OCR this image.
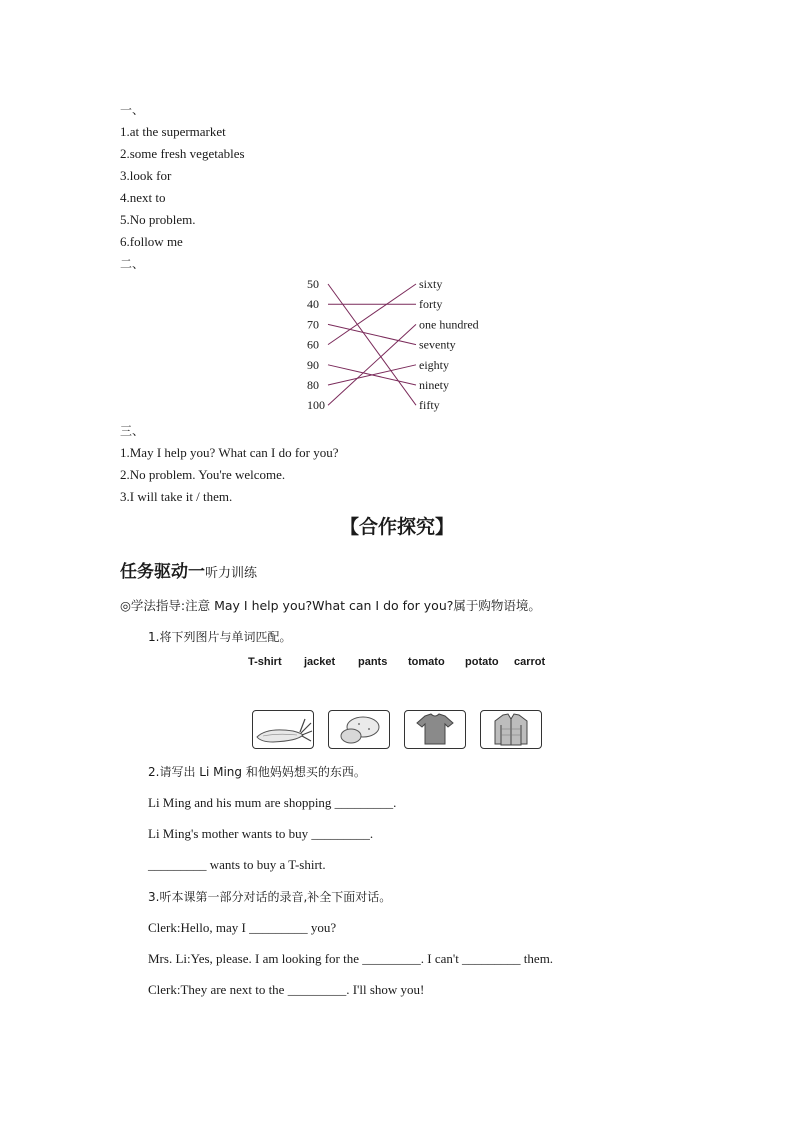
一、
1.at the supermarket
2.some fresh vegetables
3.look for
4.next to
5.No problem.
6.follow me
二、
50
40
70
60
90
80
100
sixty
forty
one hundred
seventy
eighty
ninety
fifty
三、
1.May I help you? What can I do for you?
2.No problem. You're welcome.
3.I will take it / them.
【合作探究】
任务驱动一听力训练
◎学法指导:注意 May I help you?What can I do for you?属于购物语境。
1.将下列图片与单词匹配。
T-shirt jacket pants tomato potato carrot
2.请写出 Li Ming 和他妈妈想买的东西。
Li Ming and his mum are shopping _________.
Li Ming's mother wants to buy _________.
_________ wants to buy a T-shirt.
3.听本课第一部分对话的录音,补全下面对话。
Clerk:Hello, may I _________ you?
Mrs. Li:Yes, please. I am looking for the _________. I can't _________ them.
Clerk:They are next to the _________. I'll show you!
